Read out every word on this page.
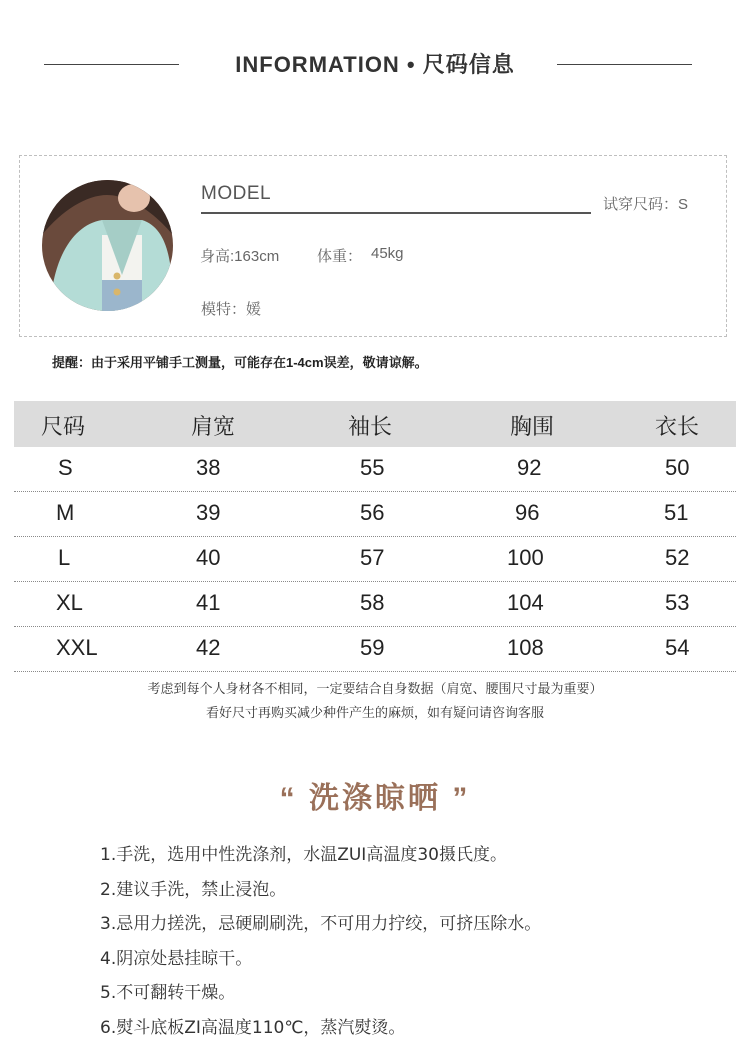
INFORMATION • 尺码信息
MODEL
试穿尺码：S
身高:163cm	体重： 45kg
模特：媛
提醒：由于采用平铺手工测量，可能存在1-4cm误差，敬请谅解。
尺码	肩宽	袖长	胸围	衣长
S	38	55	92	50
M	39	56	96	51
L	40	57	100	52
XL	41	58	104	53
XXL	42	59	108	54
考虑到每个人身材各不相同，一定要结合自身数据（肩宽、腰围尺寸最为重要）
看好尺寸再购买减少种件产生的麻烦，如有疑问请咨询客服
“ 洗涤晾晒 ”
1.手洗，选用中性洗涤剂，水温ZUI高温度30摄氏度。
2.建议手洗，禁止浸泡。
3.忌用力搓洗，忌硬刷刷洗，不可用力拧绞，可挤压除水。
4.阴凉处悬挂晾干。
5.不可翻转干燥。
6.熨斗底板ZI高温度110℃，蒸汽熨烫。
